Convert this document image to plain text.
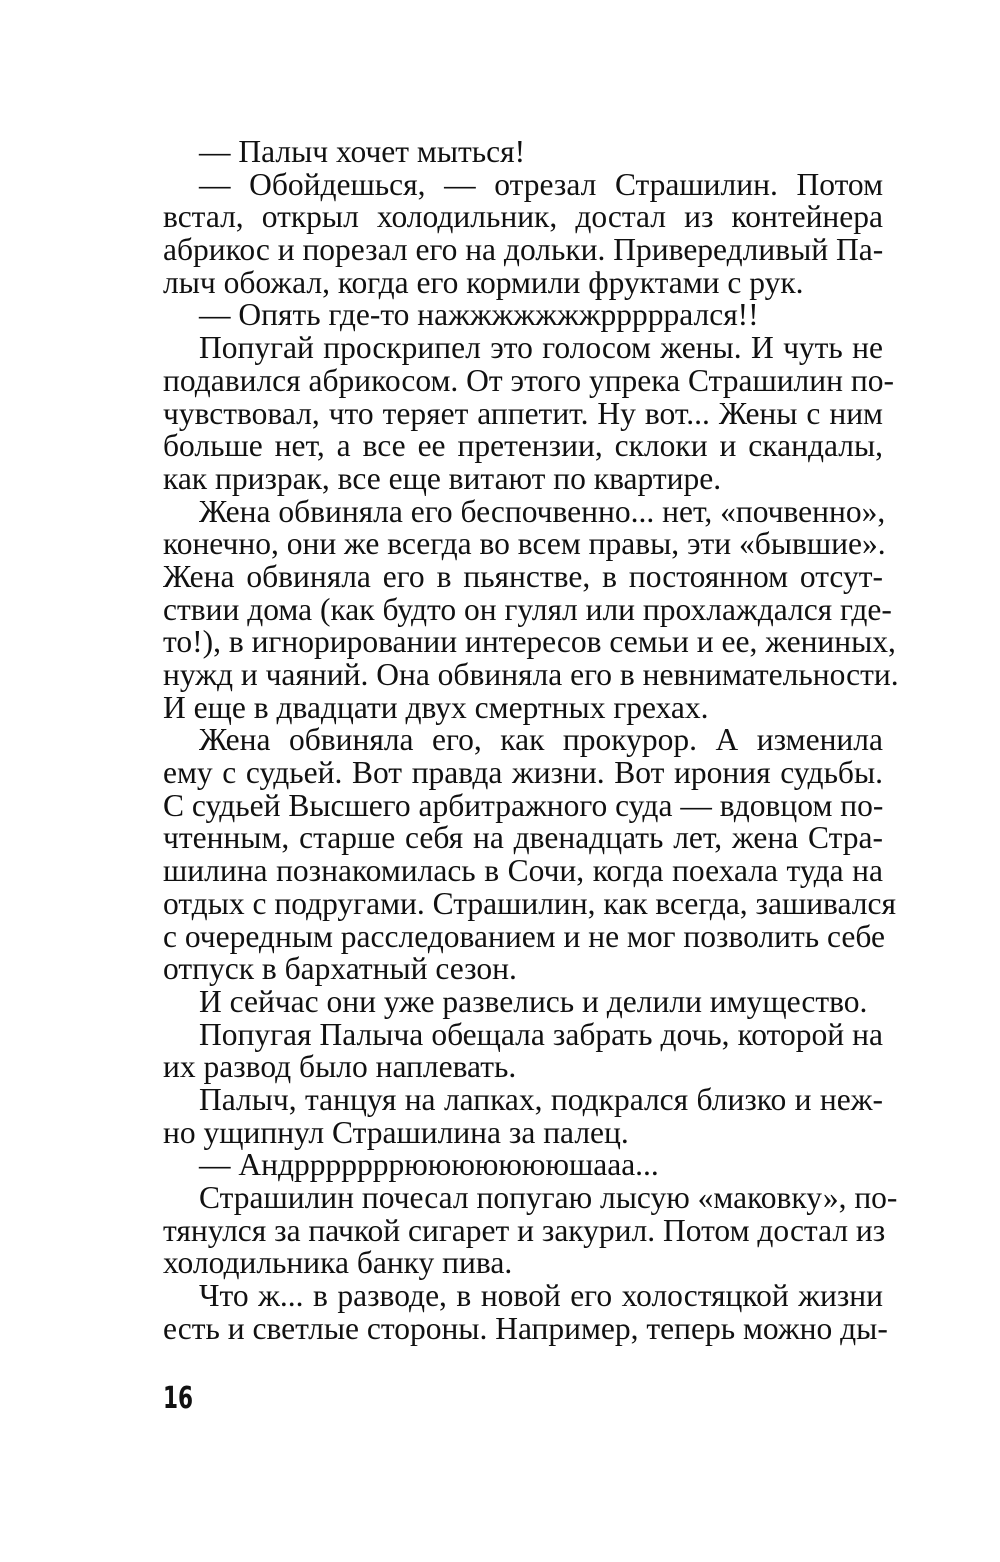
— Палыч хочет мыться!
— Обойдешься, — отрезал Страшилин. Потом
встал, открыл холодильник, достал из контейнера
абрикос и порезал его на дольки. Привередливый Па-
лыч обожал, когда его кормили фруктами с рук.
— Опять где-то нажжжжжжжрррррался!!
Попугай проскрипел это голосом жены. И чуть не
подавился абрикосом. От этого упрека Страшилин по-
чувствовал, что теряет аппетит. Ну вот... Жены с ним
больше нет, а все ее претензии, склоки и скандалы,
как призрак, все еще витают по квартире.
Жена обвиняла его беспочвенно... нет, «почвенно»,
конечно, они же всегда во всем правы, эти «бывшие».
Жена обвиняла его в пьянстве, в постоянном отсут-
ствии дома (как будто он гулял или прохлаждался где-
то!), в игнорировании интересов семьи и ее, жениных,
нужд и чаяний. Она обвиняла его в невнимательности.
И еще в двадцати двух смертных грехах.
Жена обвиняла его, как прокурор. А изменила
ему с судьей. Вот правда жизни. Вот ирония судьбы.
С судьей Высшего арбитражного суда — вдовцом по-
чтенным, старше себя на двенадцать лет, жена Стра-
шилина познакомилась в Сочи, когда поехала туда на
отдых с подругами. Страшилин, как всегда, зашивался
с очередным расследованием и не мог позволить себе
отпуск в бархатный сезон.
И сейчас они уже развелись и делили имущество.
Попугая Палыча обещала забрать дочь, которой на
их развод было наплевать.
Палыч, танцуя на лапках, подкрался близко и неж-
но ущипнул Страшилина за палец.
— Андрррррррюююююююшааа...
Страшилин почесал попугаю лысую «маковку», по-
тянулся за пачкой сигарет и закурил. Потом достал из
холодильника банку пива.
Что ж... в разводе, в новой его холостяцкой жизни
есть и светлые стороны. Например, теперь можно ды-
16
